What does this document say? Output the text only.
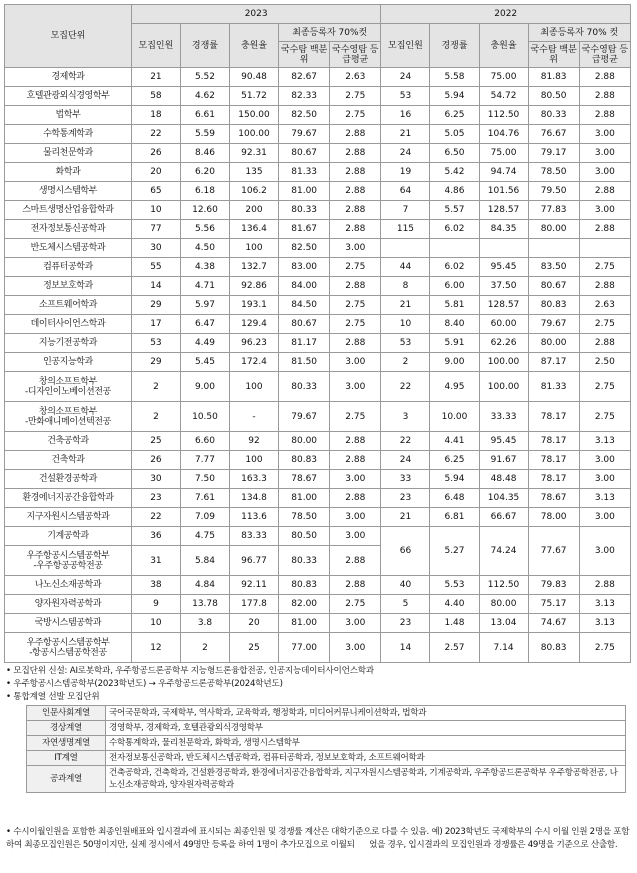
모집단위	2023					2022				
	모집인원	경쟁률	충원율	최종등록자 70%컷		모집인원	경쟁률	충원율	최종등록자 70% 컷	
				국수탐 백분위	국수영탐 등급평균				국수탐 백분위	국수영탐 등급평균

경제학과	21	5.52	90.48	82.67	2.63	24	5.58	75.00	81.83	2.88

호텔관광외식경영학부	58	4.62	51.72	82.33	2.75	53	5.94	54.72	80.50	2.88

법학부	18	6.61	150.00	82.50	2.75	16	6.25	112.50	80.33	2.88

수학통계학과	22	5.59	100.00	79.67	2.88	21	5.05	104.76	76.67	3.00

물리천문학과	26	8.46	92.31	80.67	2.88	24	6.50	75.00	79.17	3.00

화학과	20	6.20	135	81.33	2.88	19	5.42	94.74	78.50	3.00

생명시스템학부	65	6.18	106.2	81.00	2.88	64	4.86	101.56	79.50	2.88

스마트생명산업융합학과	10	12.60	200	80.33	2.88	7	5.57	128.57	77.83	3.00

전자정보통신공학과	77	5.56	136.4	81.67	2.88	115	6.02	84.35	80.00	2.88

반도체시스템공학과	30	4.50	100	82.50	3.00					

컴퓨터공학과	55	4.38	132.7	83.00	2.75	44	6.02	95.45	83.50	2.75

정보보호학과	14	4.71	92.86	84.00	2.88	8	6.00	37.50	80.67	2.88

소프트웨어학과	29	5.97	193.1	84.50	2.75	21	5.81	128.57	80.83	2.63

데이터사이언스학과	17	6.47	129.4	80.67	2.75	10	8.40	60.00	79.67	2.75

지능기전공학과	53	4.49	96.23	81.17	2.88	53	5.91	62.26	80.00	2.88

인공지능학과	29	5.45	172.4	81.50	3.00	2	9.00	100.00	87.17	2.50

창의소프트학부
-디자인이노베이션전공	2	9.00	100	80.33	3.00	22	4.95	100.00	81.33	2.75

창의소프트학부
-만화애니메이션텍전공	2	10.50	-	79.67	2.75	3	10.00	33.33	78.17	2.75

건축공학과	25	6.60	92	80.00	2.88	22	4.41	95.45	78.17	3.13

건축학과	26	7.77	100	80.83	2.88	24	6.25	91.67	78.17	3.00

건설환경공학과	30	7.50	163.3	78.67	3.00	33	5.94	48.48	78.17	3.00

환경에너지공간융합학과	23	7.61	134.8	81.00	2.88	23	6.48	104.35	78.67	3.13

지구자원시스템공학과	22	7.09	113.6	78.50	3.00	21	6.81	66.67	78.00	3.00

기계공학과	36	4.75	83.33	80.50	3.00	66	5.27	74.24	77.67	3.00

우주항공시스템공학부
-우주항공공학전공	31	5.84	96.77	80.33	2.88					

나노신소재공학과	38	4.84	92.11	80.83	2.88	40	5.53	112.50	79.83	2.88

양자원자력공학과	9	13.78	177.8	82.00	2.75	5	4.40	80.00	75.17	3.13

국방시스템공학과	10	3.8	20	81.00	3.00	23	1.48	13.04	74.67	3.13

우주항공시스템공학부
-항공시스템공학전공	12	2	25	77.00	3.00	14	2.57	7.14	80.83	2.75
• 모집단위 신설: AI로봇학과, 우주항공드론공학부 지능형드론융합전공, 인공지능데이터사이언스학과
• 우주항공시스템공학부(2023학년도) → 우주항공드론공학부(2024학년도)
• 통합계열 선발 모집단위
인문사회계열	국어국문학과, 국제학부, 역사학과, 교육학과, 행정학과, 미디어커뮤니케이션학과, 법학과
경상계열	경영학부, 경제학과, 호텔관광외식경영학부
자연생명계열	수학통계학과, 물리천문학과, 화학과, 생명시스템학부
IT계열	전자정보통신공학과, 반도체시스템공학과, 컴퓨터공학과, 정보보호학과, 소프트웨어학과
공과계열	건축공학과, 건축학과, 건설환경공학과, 환경에너지공간융합학과, 지구자원시스템공학과, 기계공학과, 우주항공드론공학부 우주항공학전공, 나노신소재공학과, 양자원자력공학과
• 수시이월인원을 포함한 최종인원배표와 입시결과에 표시되는 최종인원 및 경쟁률 계산은 대학기준으로 다를 수 있음. 예) 2023학년도 국제학부의 수시 이월 인원 2명을 포함하여 최종모집인원은 50명이지만, 실제 정시에서 49명만 등록을 하여 1명이 추가모집으로 이월되 었을 경우, 입시결과의 모집인원과 경쟁률은 49명을 기준으로 산출함.
